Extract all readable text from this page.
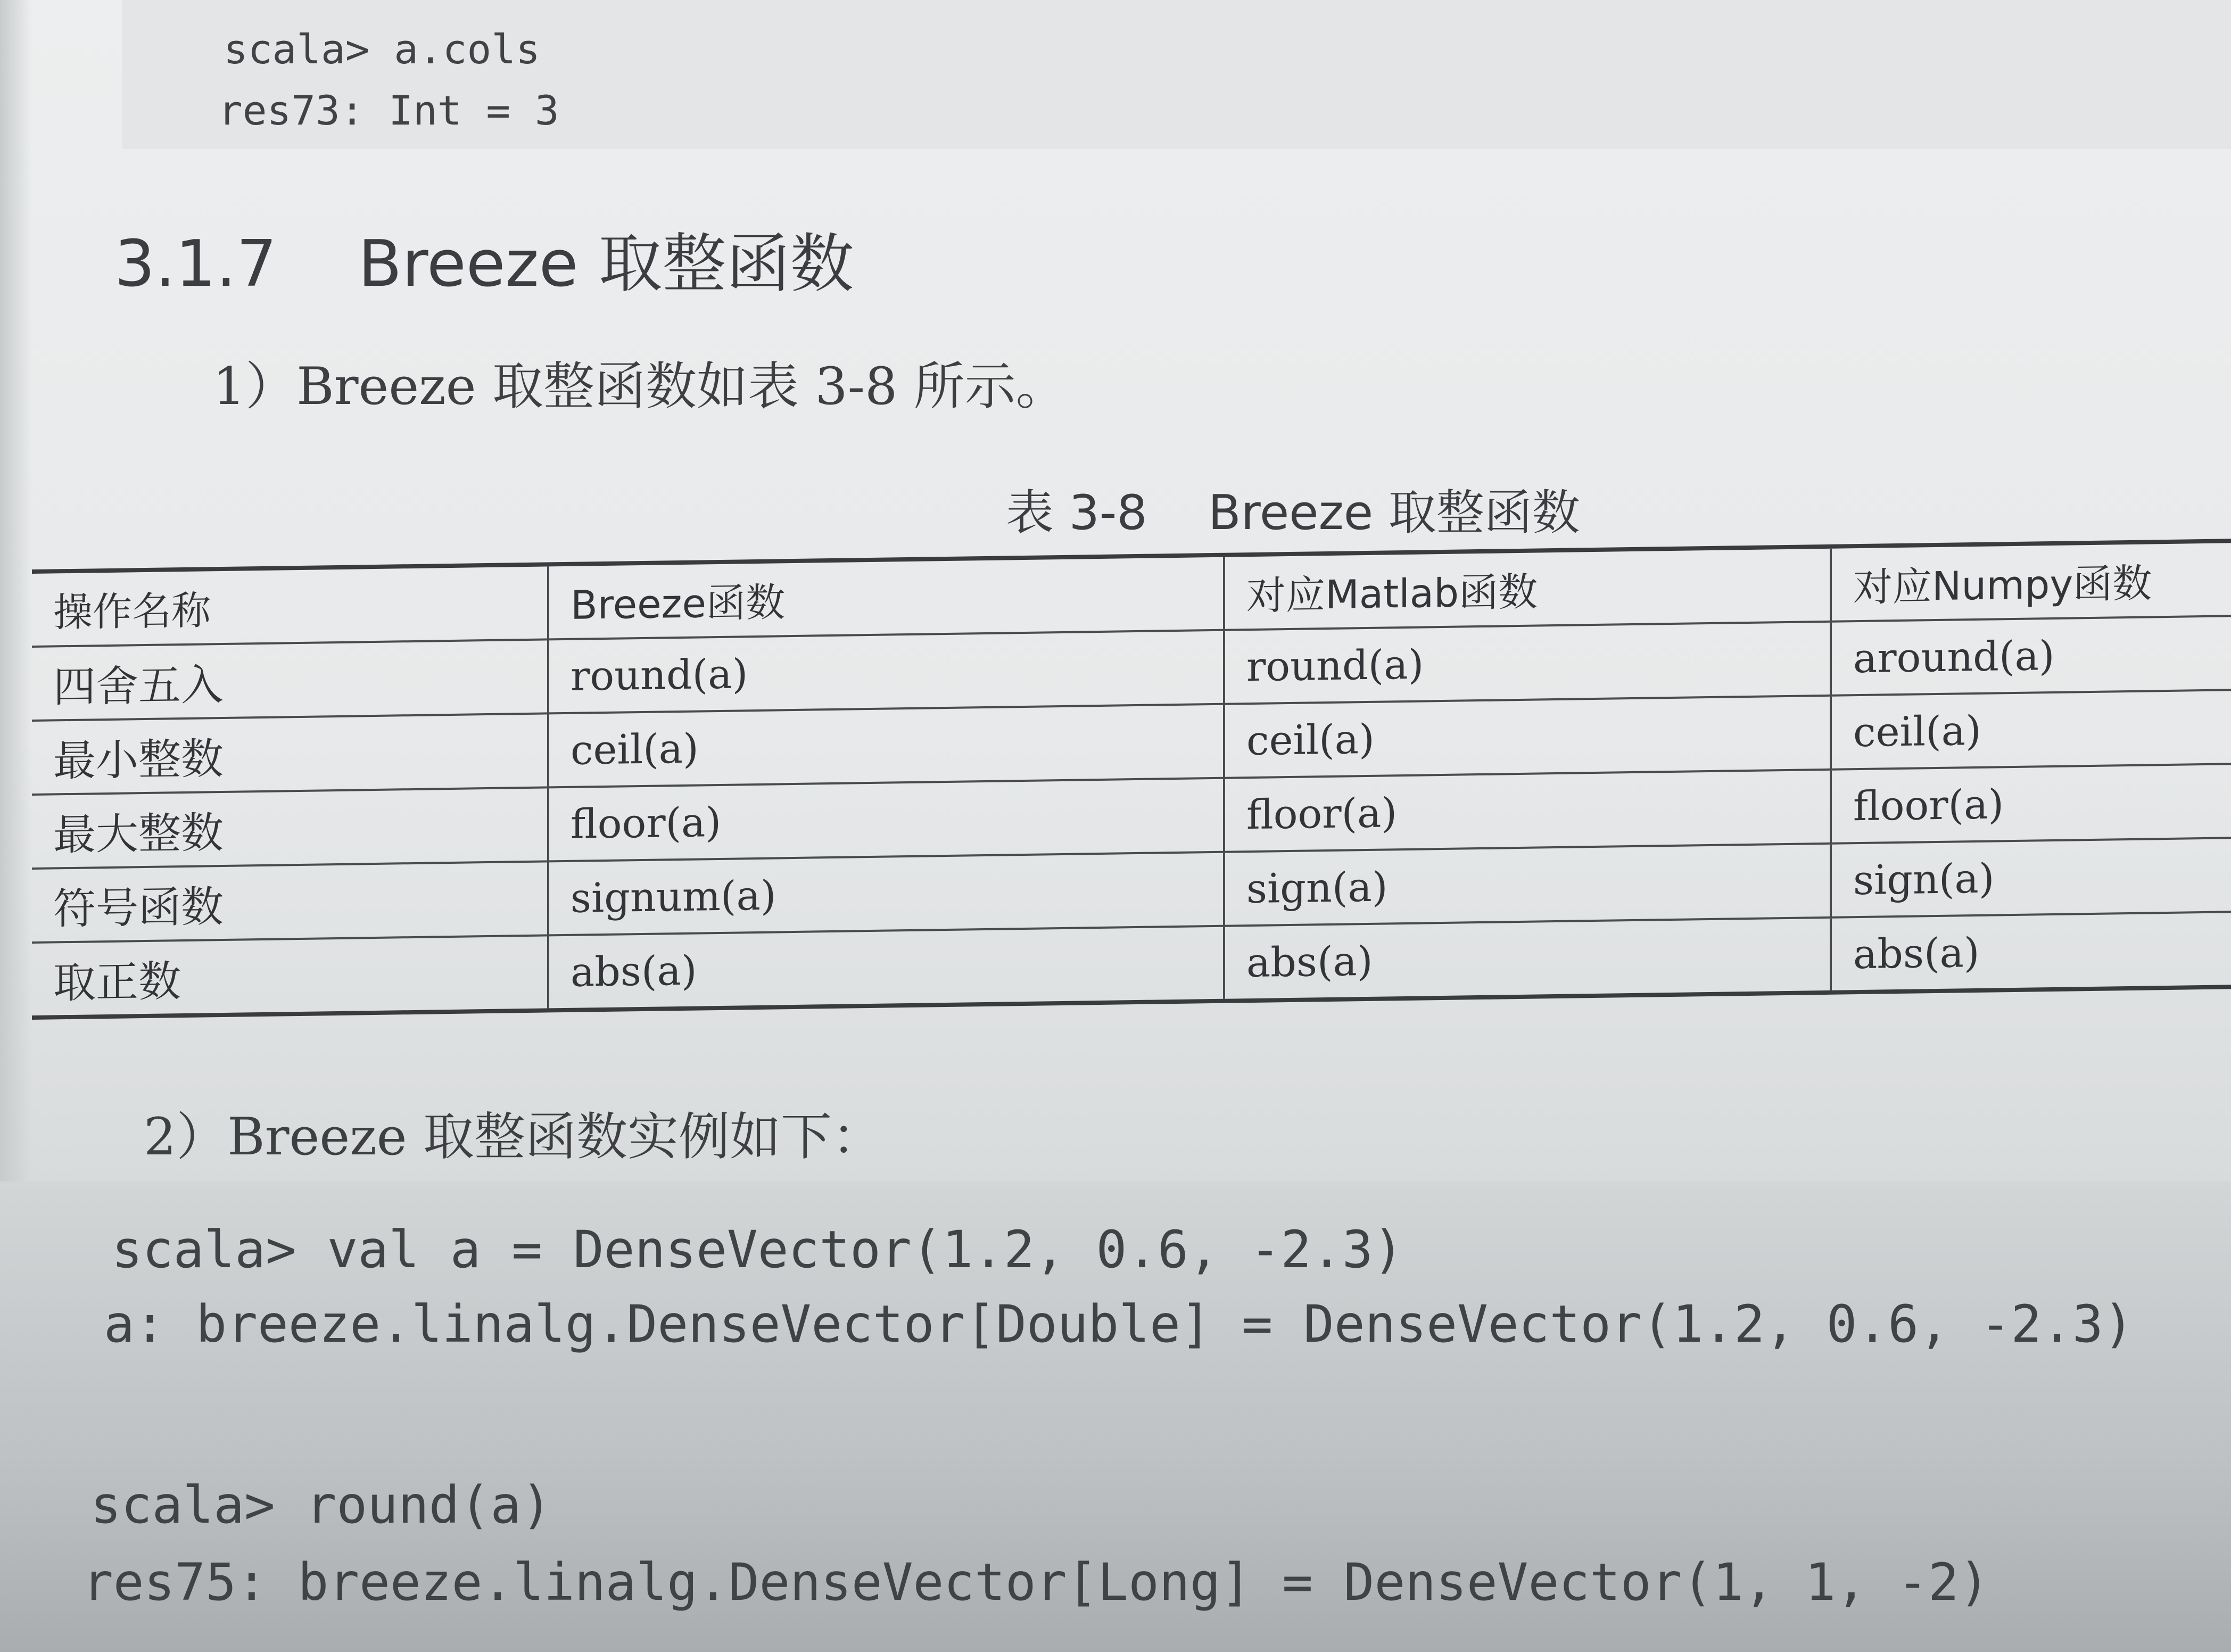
scala> a.cols
res73: Int = 3
3.1.7 Breeze 取整函数
1）Breeze 取整函数如表 3-8 所示。
表 3-8 Breeze 取整函数
操作名称	Breeze函数	对应Matlab函数	对应Numpy函数
四舍五入	round(a)	round(a)	around(a)
最小整数	ceil(a)	ceil(a)	ceil(a)
最大整数	floor(a)	floor(a)	floor(a)
符号函数	signum(a)	sign(a)	sign(a)
取正数	abs(a)	abs(a)	abs(a)
2）Breeze 取整函数实例如下：
scala> val a = DenseVector(1.2, 0.6, -2.3)
a: breeze.linalg.DenseVector[Double] = DenseVector(1.2, 0.6, -2.3)
scala> round(a)
res75: breeze.linalg.DenseVector[Long] = DenseVector(1, 1, -2)
